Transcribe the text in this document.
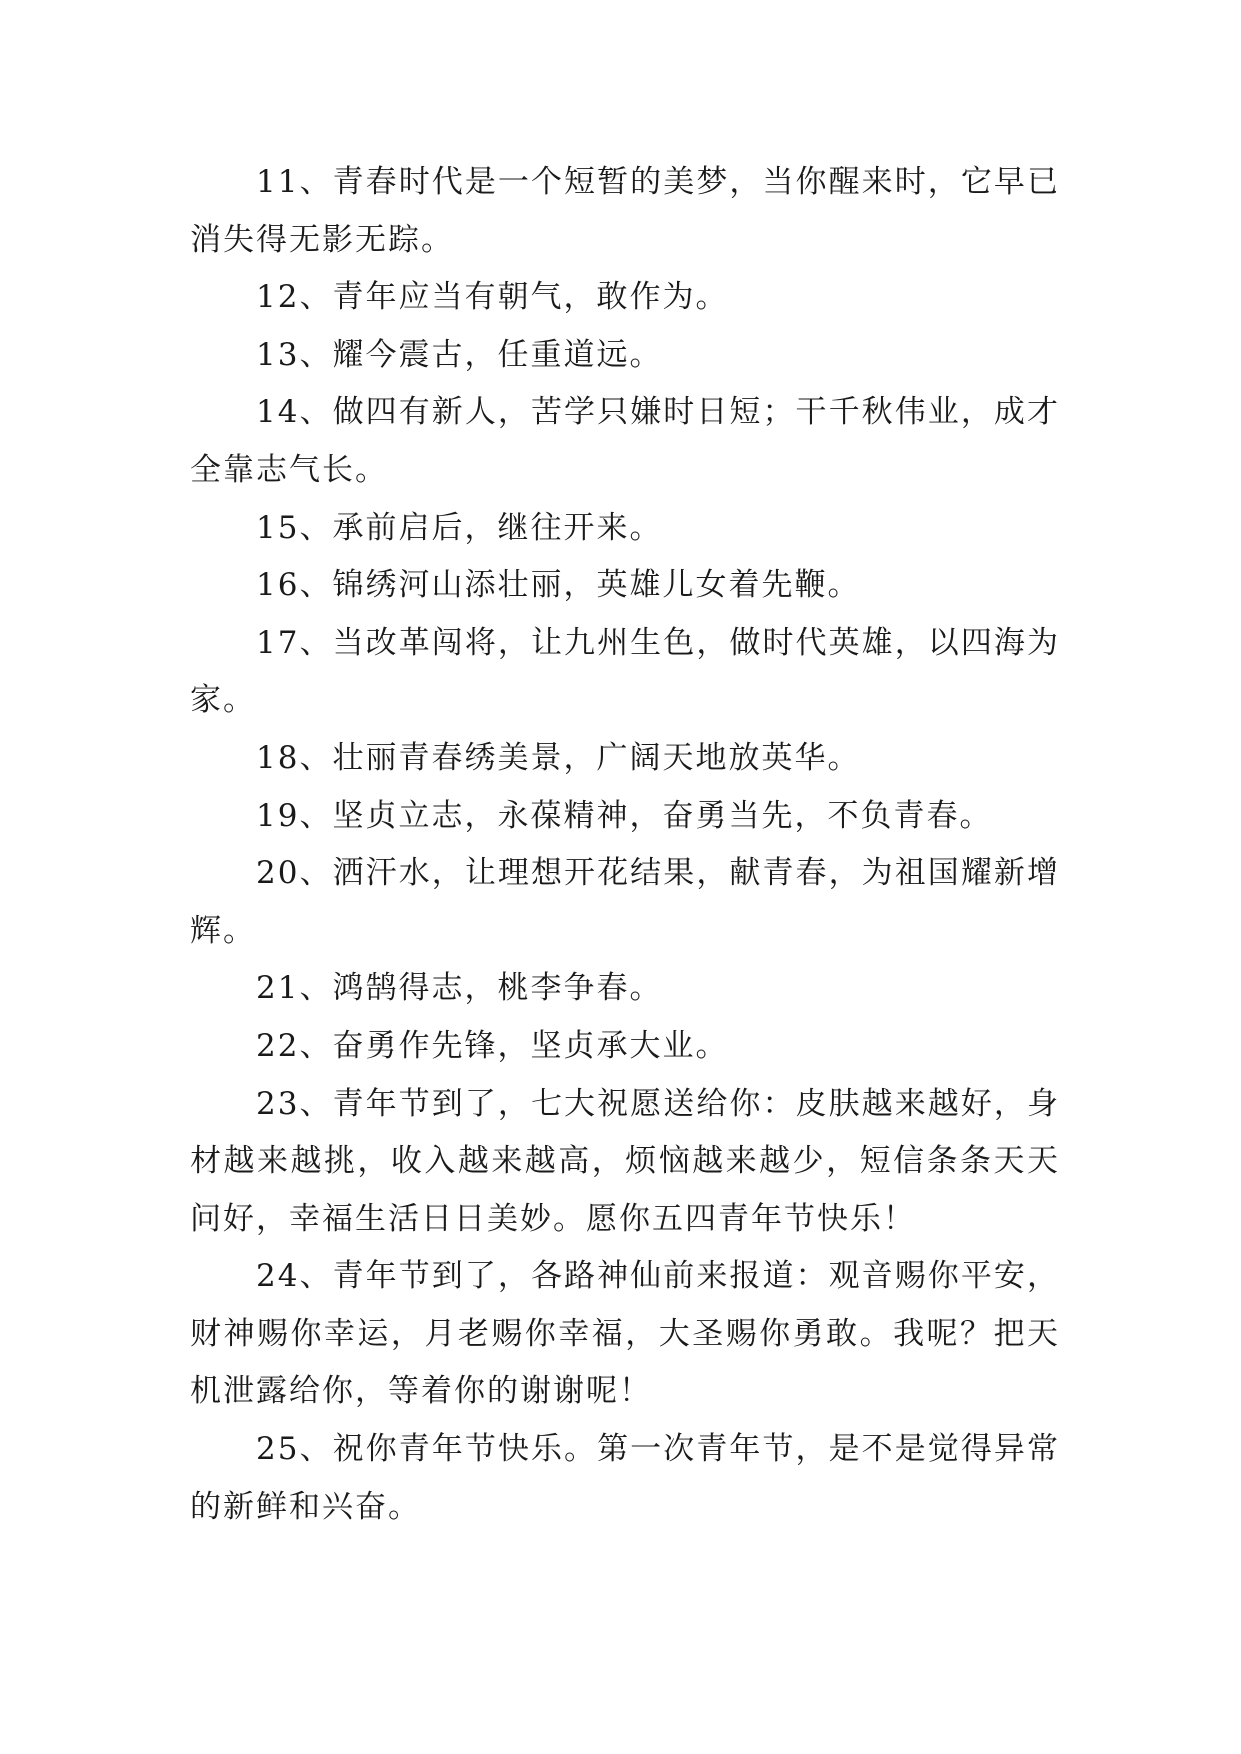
11、青春时代是一个短暂的美梦，当你醒来时，它早已消失得无影无踪。

12、青年应当有朝气，敢作为。

13、耀今震古，任重道远。

14、做四有新人，苦学只嫌时日短；干千秋伟业，成才全靠志气长。

15、承前启后，继往开来。

16、锦绣河山添壮丽，英雄儿女着先鞭。

17、当改革闯将，让九州生色，做时代英雄，以四海为家。

18、壮丽青春绣美景，广阔天地放英华。

19、坚贞立志，永葆精神，奋勇当先，不负青春。

20、洒汗水，让理想开花结果，献青春，为祖国耀新增辉。

21、鸿鹄得志，桃李争春。

22、奋勇作先锋，坚贞承大业。

23、青年节到了，七大祝愿送给你：皮肤越来越好，身材越来越挑，收入越来越高，烦恼越来越少，短信条条天天问好，幸福生活日日美妙。愿你五四青年节快乐！

24、青年节到了，各路神仙前来报道：观音赐你平安，财神赐你幸运，月老赐你幸福，大圣赐你勇敢。我呢？把天机泄露给你，等着你的谢谢呢！

25、祝你青年节快乐。第一次青年节，是不是觉得异常的新鲜和兴奋。
